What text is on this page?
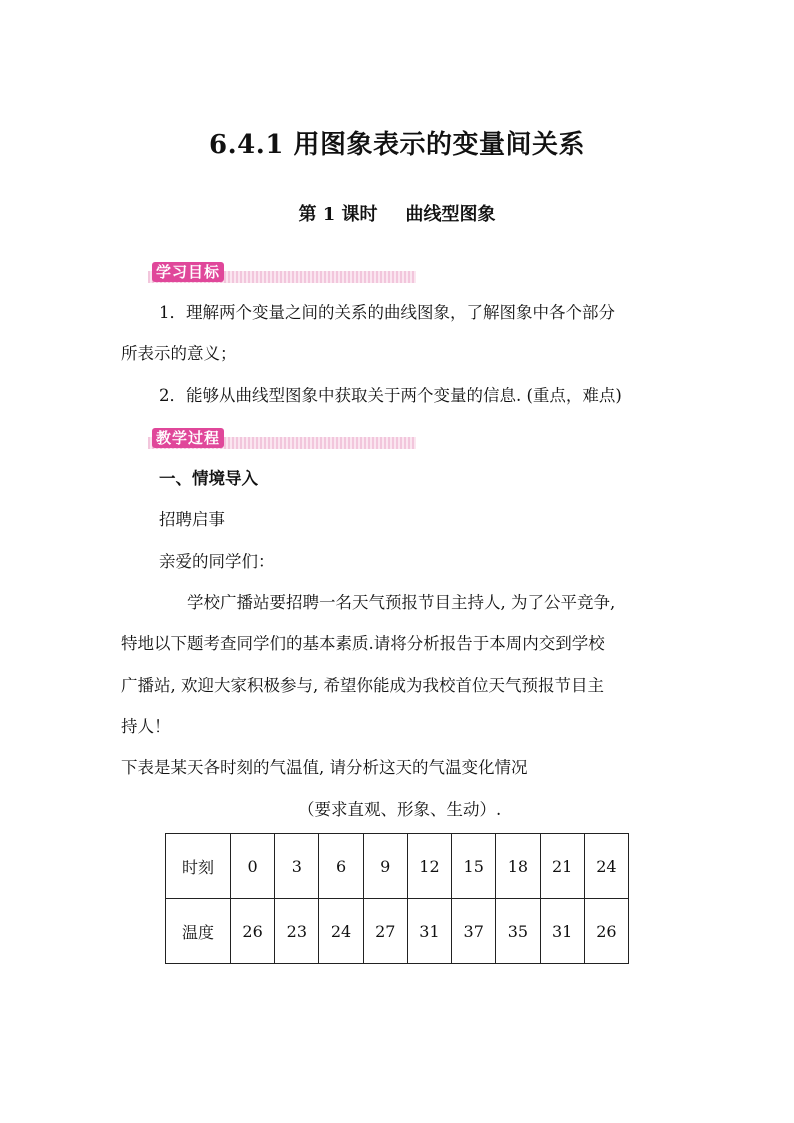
6.4.1 用图象表示的变量间关系
第 1 课时 曲线型图象
学习目标
1．理解两个变量之间的关系的曲线图象，了解图象中各个部分
所表示的意义；
2．能够从曲线型图象中获取关于两个变量的信息. (重点，难点)
教学过程
一、情境导入
招聘启事
亲爱的同学们：
学校广播站要招聘一名天气预报节目主持人, 为了公平竞争,
特地以下题考查同学们的基本素质.请将分析报告于本周内交到学校
广播站, 欢迎大家积极参与, 希望你能成为我校首位天气预报节目主
持人！
下表是某天各时刻的气温值, 请分析这天的气温变化情况
（要求直观、形象、生动）.
时刻	0	3	6	9	12	15	18	21	24
温度	26	23	24	27	31	37	35	31	26
